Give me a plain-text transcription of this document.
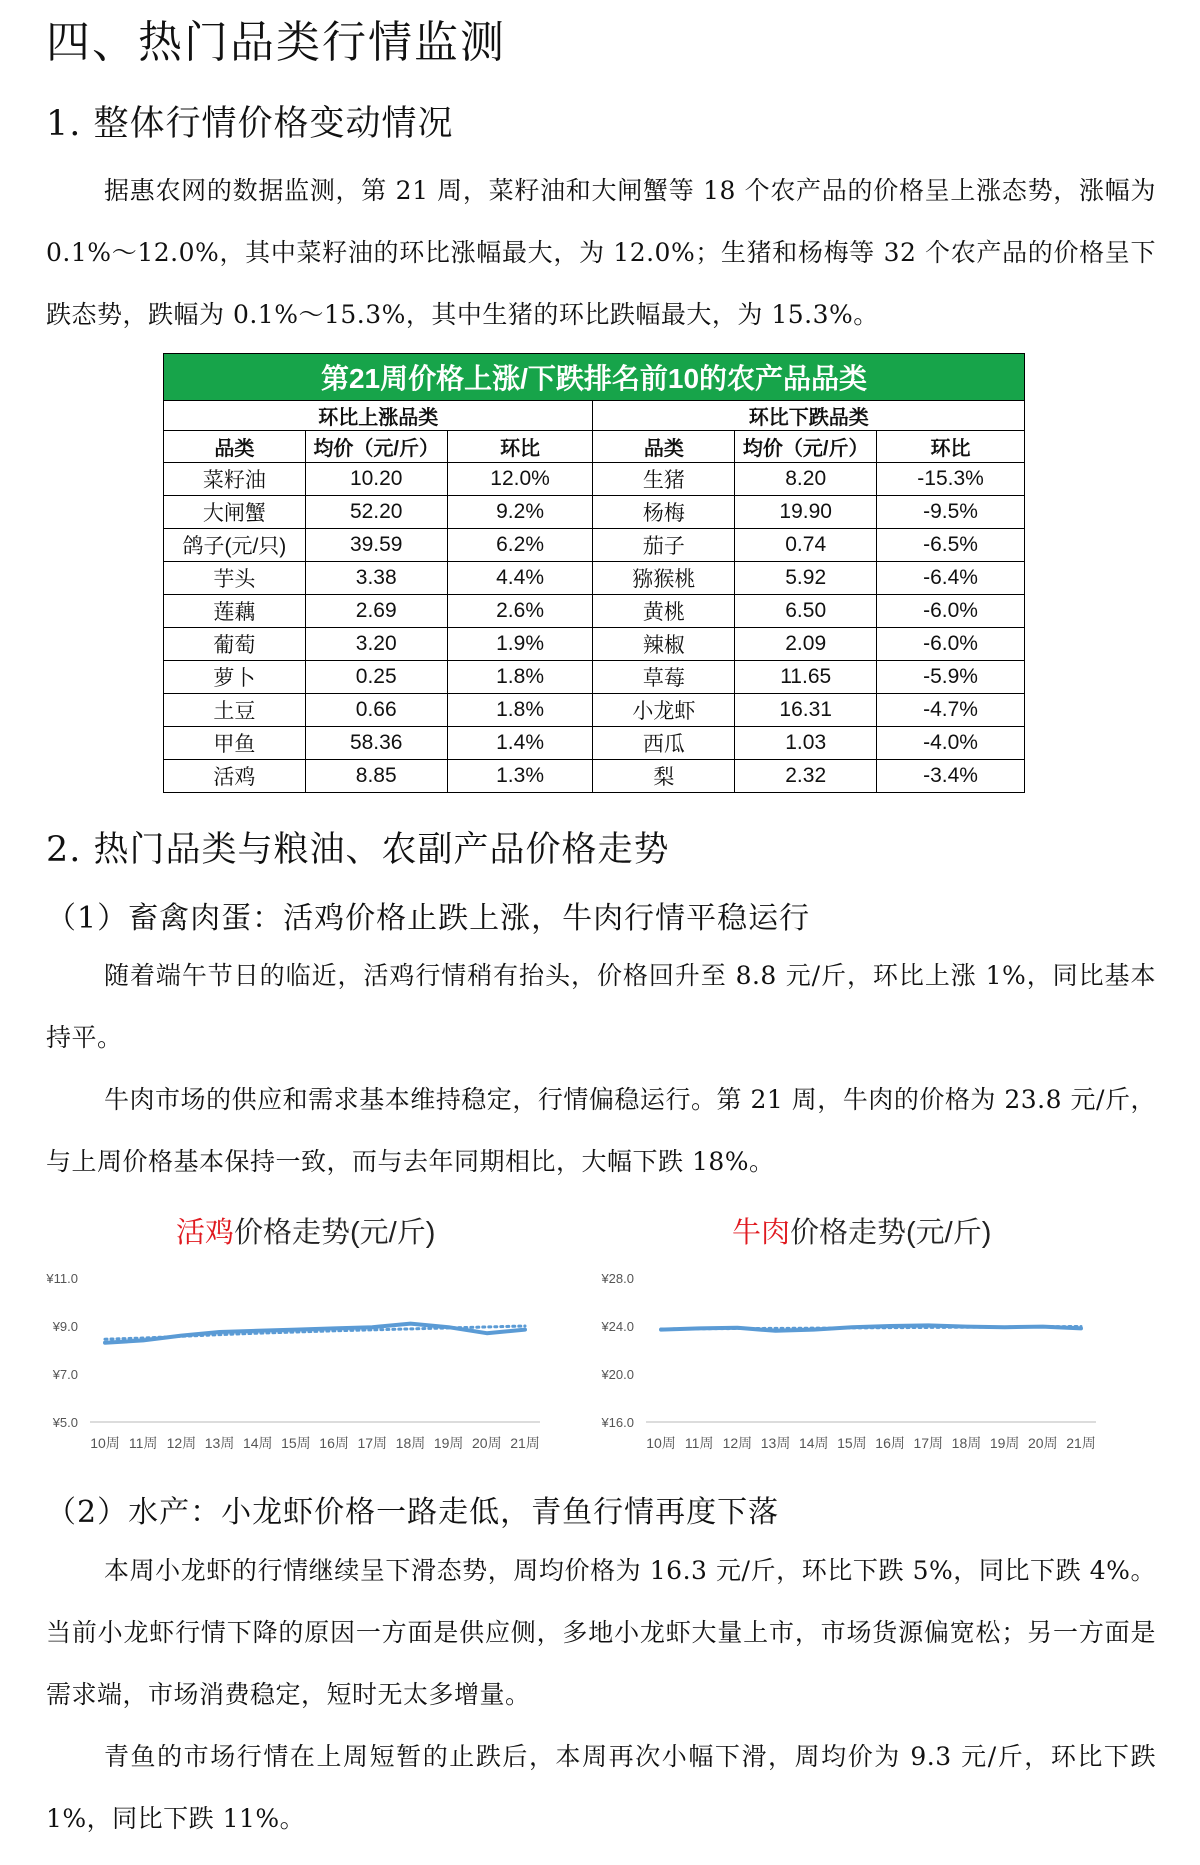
四、热门品类行情监测
1. 整体行情价格变动情况

据惠农网的数据监测，第 21 周，菜籽油和大闸蟹等 18 个农产品的价格呈上涨态势，涨幅为 0.1%～12.0%，其中菜籽油的环比涨幅最大，为 12.0%；生猪和杨梅等 32 个农产品的价格呈下跌态势，跌幅为 0.1%～15.3%，其中生猪的环比跌幅最大，为 15.3%。

第21周价格上涨/下跌排名前10的农产品品类					
环比上涨品类			环比下跌品类		
品类	均价（元/斤）	环比	品类	均价（元/斤）	环比
菜籽油	10.20	12.0%	生猪	8.20	-15.3%
大闸蟹	52.20	9.2%	杨梅	19.90	-9.5%
鸽子(元/只)	39.59	6.2%	茄子	0.74	-6.5%
芋头	3.38	4.4%	猕猴桃	5.92	-6.4%
莲藕	2.69	2.6%	黄桃	6.50	-6.0%
葡萄	3.20	1.9%	辣椒	2.09	-6.0%
萝卜	0.25	1.8%	草莓	11.65	-5.9%
土豆	0.66	1.8%	小龙虾	16.31	-4.7%
甲鱼	58.36	1.4%	西瓜	1.03	-4.0%
活鸡	8.85	1.3%	梨	2.32	-3.4%
2. 热门品类与粮油、农副产品价格走势
（1）畜禽肉蛋：活鸡价格止跌上涨，牛肉行情平稳运行

随着端午节日的临近，活鸡行情稍有抬头，价格回升至 8.8 元/斤，环比上涨 1%，同比基本持平。

牛肉市场的供应和需求基本维持稳定，行情偏稳运行。第 21 周，牛肉的价格为 23.8 元/斤，与上周价格基本保持一致，而与去年同期相比，大幅下跌 18%。

活鸡价格走势(元/斤)
¥11.0
¥9.0
¥7.0
¥5.0
10周 11周 12周 13周 14周 15周 16周 17周 18周 19周 20周 21周
牛肉价格走势(元/斤)
¥28.0
¥24.0
¥20.0
¥16.0
10周 11周 12周 13周 14周 15周 16周 17周 18周 19周 20周 21周
（2）水产：小龙虾价格一路走低，青鱼行情再度下落

本周小龙虾的行情继续呈下滑态势，周均价格为 16.3 元/斤，环比下跌 5%，同比下跌 4%。当前小龙虾行情下降的原因一方面是供应侧，多地小龙虾大量上市，市场货源偏宽松；另一方面是需求端，市场消费稳定，短时无太多增量。

青鱼的市场行情在上周短暂的止跌后，本周再次小幅下滑，周均价为 9.3 元/斤，环比下跌 1%，同比下跌 11%。
